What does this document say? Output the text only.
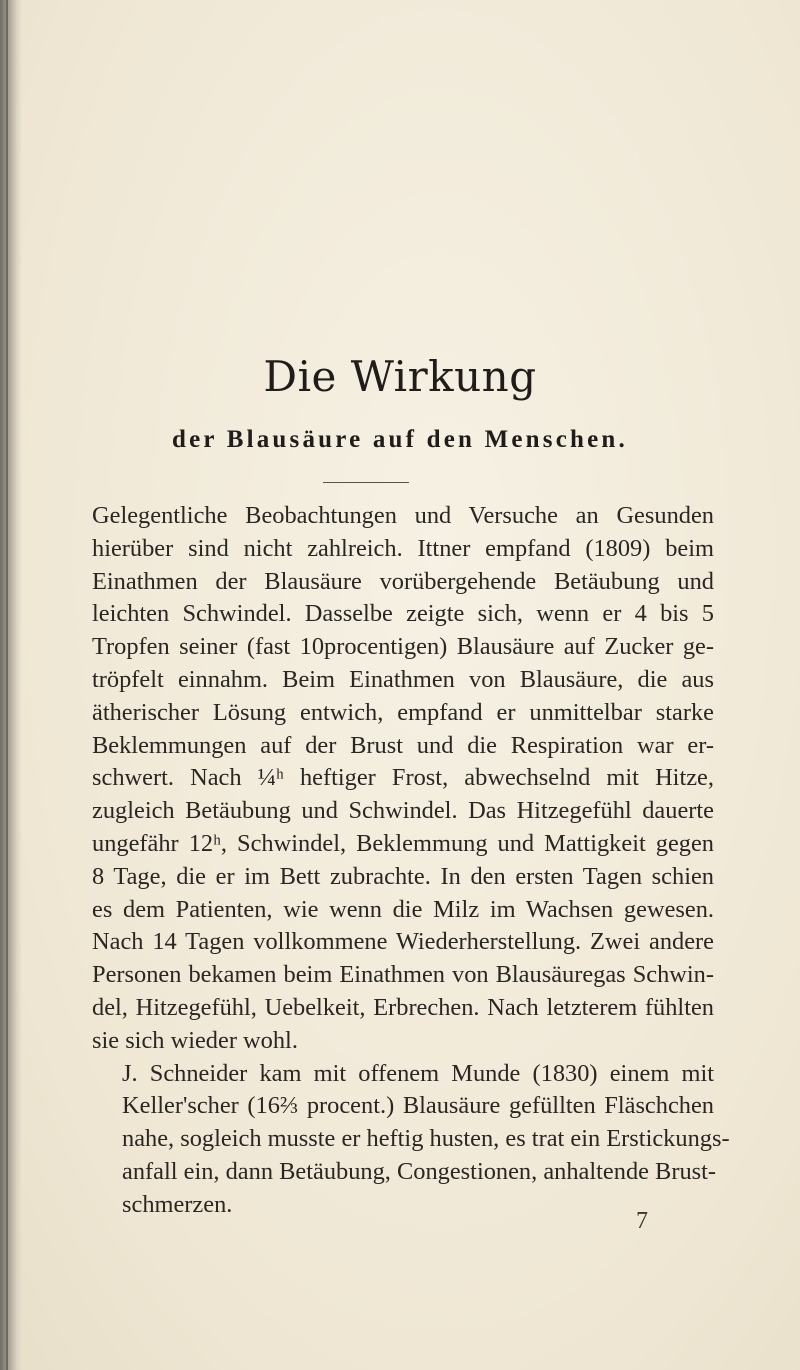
Die Wirkung
der Blausäure auf den Menschen.
Gelegentliche Beobachtungen und Versuche an Gesunden
hierüber sind nicht zahlreich. Ittner empfand (1809) beim
Einathmen der Blausäure vorübergehende Betäubung und
leichten Schwindel. Dasselbe zeigte sich, wenn er 4 bis 5
Tropfen seiner (fast 10procentigen) Blausäure auf Zucker ge-
tröpfelt einnahm. Beim Einathmen von Blausäure, die aus
ätherischer Lösung entwich, empfand er unmittelbar starke
Beklemmungen auf der Brust und die Respiration war er-
schwert. Nach ¼ʰ heftiger Frost, abwechselnd mit Hitze,
zugleich Betäubung und Schwindel. Das Hitzegefühl dauerte
ungefähr 12ʰ, Schwindel, Beklemmung und Mattigkeit gegen
8 Tage, die er im Bett zubrachte. In den ersten Tagen schien
es dem Patienten, wie wenn die Milz im Wachsen gewesen.
Nach 14 Tagen vollkommene Wiederherstellung. Zwei andere
Personen bekamen beim Einathmen von Blausäuregas Schwin-
del, Hitzegefühl, Uebelkeit, Erbrechen. Nach letzterem fühlten
sie sich wieder wohl.
J. Schneider kam mit offenem Munde (1830) einem mit
Keller'scher (16⅔ procent.) Blausäure gefüllten Fläschchen
nahe, sogleich musste er heftig husten, es trat ein Erstickungs-
anfall ein, dann Betäubung, Congestionen, anhaltende Brust-
schmerzen.
7
